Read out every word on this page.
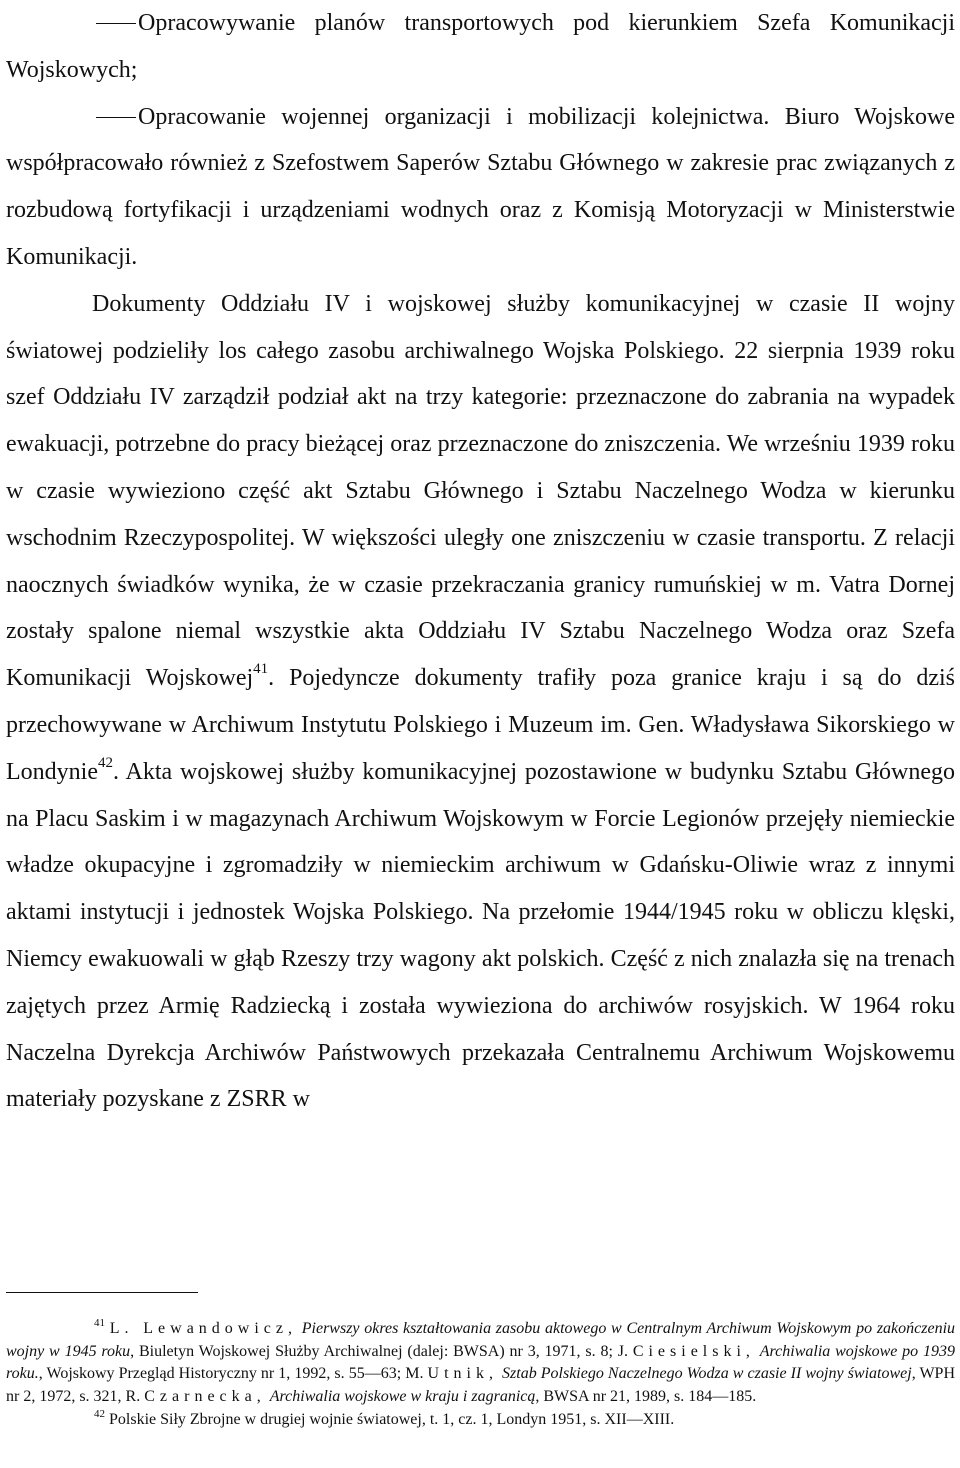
Opracowywanie planów transportowych pod kierunkiem Szefa Komunikacji Wojskowych;

Opracowanie wojennej organizacji i mobilizacji kolejnictwa. Biuro Wojskowe współpracowało również z Szefostwem Saperów Sztabu Głównego w zakresie prac związanych z rozbudową fortyfikacji i urządzeniami wodnych oraz z Komisją Motoryzacji w Ministerstwie Komunikacji.

Dokumenty Oddziału IV i wojskowej służby komunikacyjnej w czasie II wojny światowej podzieliły los całego zasobu archiwalnego Wojska Polskiego. 22 sierpnia 1939 roku szef Oddziału IV zarządził podział akt na trzy kategorie: przeznaczone do zabrania na wypadek ewakuacji, potrzebne do pracy bieżącej oraz przeznaczone do zniszczenia. We wrześniu 1939 roku w czasie wywieziono część akt Sztabu Głównego i Sztabu Naczelnego Wodza w kierunku wschodnim Rzeczypospolitej. W większości uległy one zniszczeniu w czasie transportu. Z relacji naocznych świadków wynika, że w czasie przekraczania granicy rumuńskiej w m. Vatra Dornej zostały spalone niemal wszystkie akta Oddziału IV Sztabu Naczelnego Wodza oraz Szefa Komunikacji Wojskowej$^{41}$. Pojedyncze dokumenty trafiły poza granice kraju i są do dziś przechowywane w Archiwum Instytutu Polskiego i Muzeum im. Gen. Władysława Sikorskiego w Londynie$^{42}$. Akta wojskowej służby komunikacyjnej pozostawione w budynku Sztabu Głównego na Placu Saskim i w magazynach Archiwum Wojskowym w Forcie Legionów przejęły niemieckie władze okupacyjne i zgromadziły w niemieckim archiwum w Gdańsku-Oliwie wraz z innymi aktami instytucji i jednostek Wojska Polskiego. Na przełomie 1944/1945 roku w obliczu klęski, Niemcy ewakuowali w głąb Rzeszy trzy wagony akt polskich. Część z nich znalazła się na trenach zajętych przez Armię Radziecką i została wywieziona do archiwów rosyjskich. W 1964 roku Naczelna Dyrekcja Archiwów Państwowych przekazała Centralnemu Archiwum Wojskowemu materiały pozyskane z ZSRR w

$^{41}$ L. Lewandowicz, Pierwszy okres kształtowania zasobu aktowego w Centralnym Archiwum Wojskowym po zakończeniu wojny w 1945 roku, Biuletyn Wojskowej Służby Archiwalnej (dalej: BWSA) nr 3, 1971, s. 8; J. Ciesielski, Archiwalia wojskowe po 1939 roku., Wojskowy Przegląd Historyczny nr 1, 1992, s. 55—63; M. Utnik, Sztab Polskiego Naczelnego Wodza w czasie II wojny światowej, WPH nr 2, 1972, s. 321, R. Czarnecka, Archiwalia wojskowe w kraju i zagranicą, BWSA nr 21, 1989, s. 184—185.

$^{42}$ Polskie Siły Zbrojne w drugiej wojnie światowej, t. 1, cz. 1, Londyn 1951, s. XII—XIII.
